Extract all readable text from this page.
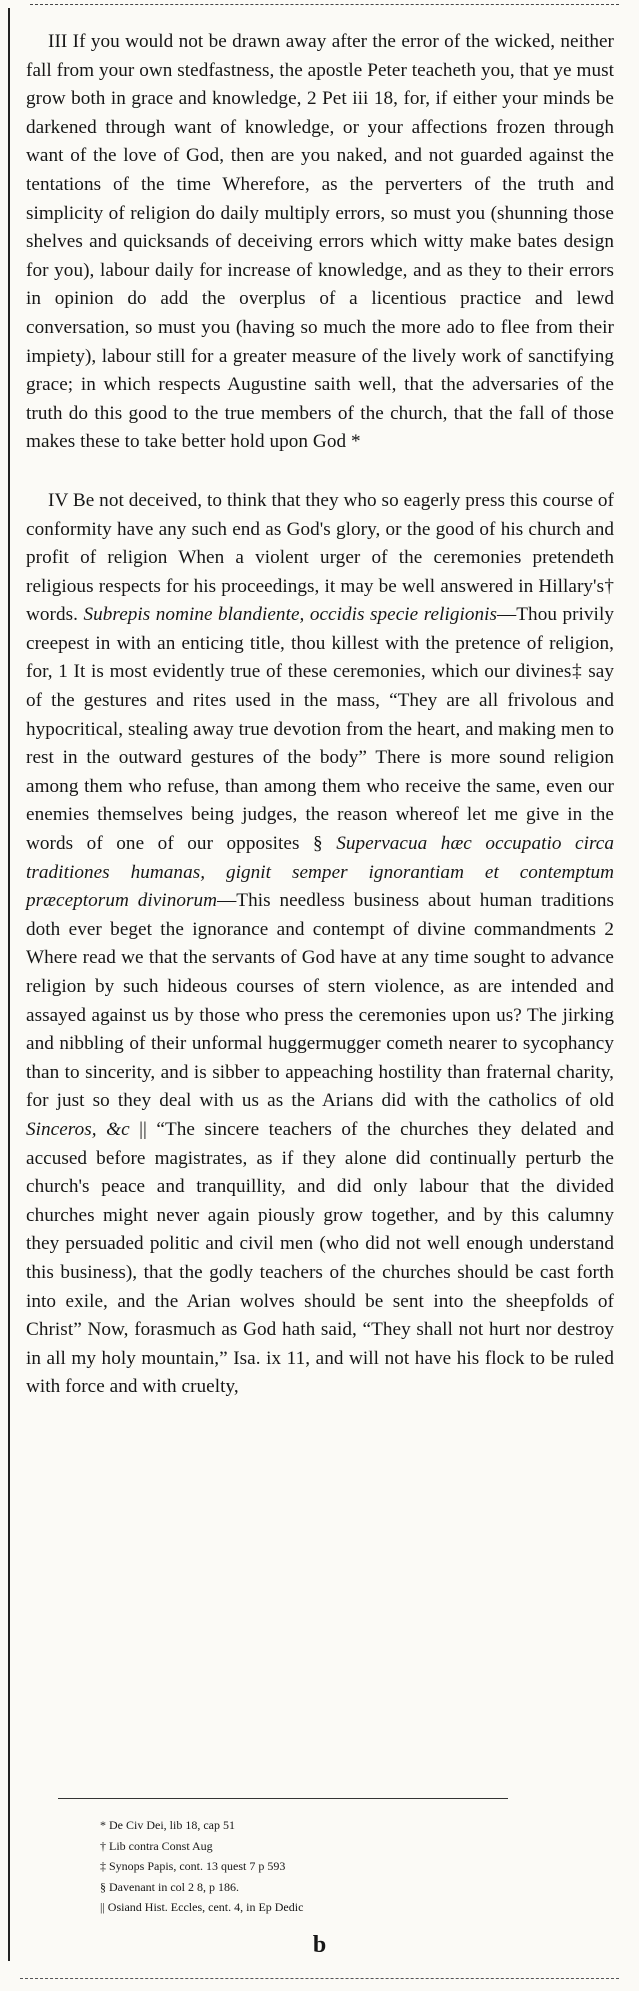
III If you would not be drawn away after the error of the wicked, neither fall from your own stedfastness, the apostle Peter teacheth you, that ye must grow both in grace and knowledge, 2 Pet iii 18, for, if either your minds be darkened through want of knowledge, or your affections frozen through want of the love of God, then are you naked, and not guarded against the tentations of the time Wherefore, as the perverters of the truth and simplicity of religion do daily multiply errors, so must you (shunning those shelves and quicksands of deceiving errors which witty make bates design for you), labour daily for increase of knowledge, and as they to their errors in opinion do add the overplus of a licentious practice and lewd conversation, so must you (having so much the more ado to flee from their impiety), labour still for a greater measure of the lively work of sanctifying grace; in which respects Augustine saith well, that the adversaries of the truth do this good to the true members of the church, that the fall of those makes these to take better hold upon God *

IV Be not deceived, to think that they who so eagerly press this course of conformity have any such end as God's glory, or the good of his church and profit of religion When a violent urger of the ceremonies pretendeth religious respects for his proceedings, it may be well answered in Hillary's† words. Subrepis nomine blandiente, occidis specie religionis—Thou privily creepest in with an enticing title, thou killest with the pretence of religion, for, 1 It is most evidently true of these ceremonies, which our divines‡ say of the gestures and rites used in the mass, “They are all frivolous and hypocritical, stealing away true devotion from the heart, and making men to rest in the outward gestures of the body” There is more sound religion among them who refuse, than among them who receive the same, even our enemies themselves being judges, the reason whereof let me give in the words of one of our opposites § Supervacua hæc occupatio circa traditiones humanas, gignit semper ignorantiam et contemptum præceptorum divinorum—This needless business about human traditions doth ever beget the ignorance and contempt of divine commandments 2 Where read we that the servants of God have at any time sought to advance religion by such hideous courses of stern violence, as are intended and assayed against us by those who press the ceremonies upon us? The jirking and nibbling of their unformal huggermugger cometh nearer to sycophancy than to sincerity, and is sibber to appeaching hostility than fraternal charity, for just so they deal with us as the Arians did with the catholics of old Sinceros, &c || “The sincere teachers of the churches they delated and accused before magistrates, as if they alone did continually perturb the church's peace and tranquillity, and did only labour that the divided churches might never again piously grow together, and by this calumny they persuaded politic and civil men (who did not well enough understand this business), that the godly teachers of the churches should be cast forth into exile, and the Arian wolves should be sent into the sheepfolds of Christ” Now, forasmuch as God hath said, “They shall not hurt nor destroy in all my holy mountain,” Isa. ix 11, and will not have his flock to be ruled with force and with cruelty,

* De Civ Dei, lib 18, cap 51

† Lib contra Const Aug

‡ Synops Papis, cont. 13 quest 7 p 593

§ Davenant in col 2 8, p 186.

|| Osiand Hist. Eccles, cent. 4, in Ep Dedic

b
